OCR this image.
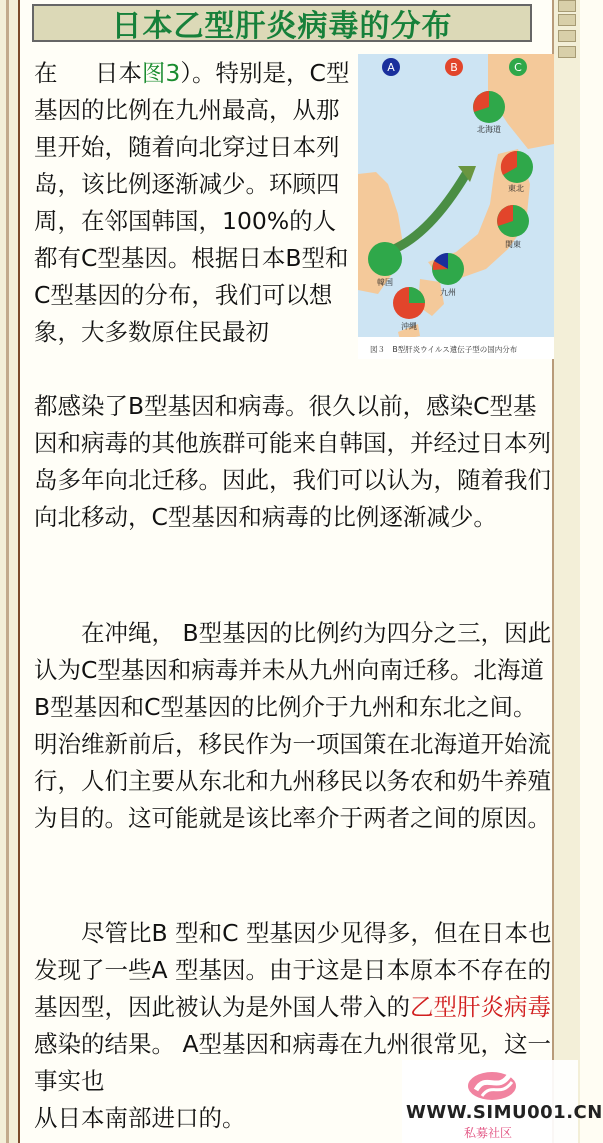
日本乙型肝炎病毒的分布

在     日本图3）。特别是，C型基因的比例在九州最高，从那里开始，随着向北穿过日本列岛，该比例逐渐减少。环顾四周，在邻国韩国，100%的人都有C型基因。根据日本B型和C型基因的分布，我们可以想象，大多数原住民最初

A	B	C
北海道
東北
関東
韓国
九州
沖縄
図３　B型肝炎ウイルス遺伝子型の国内分布

都感染了B型基因和病毒。很久以前，感染C型基因和病毒的其他族群可能来自韩国，并经过日本列岛多年向北迁移。因此，我们可以认为，随着我们向北移动，C型基因和病毒的比例逐渐减少。

在冲绳， B型基因的比例约为四分之三，因此认为C型基因和病毒并未从九州向南迁移。北海道B型基因和C型基因的比例介于九州和东北之间。明治维新前后，移民作为一项国策在北海道开始流行，人们主要从东北和九州移民以务农和奶牛养殖为目的。这可能就是该比率介于两者之间的原因。

尽管比B 型和C 型基因少见得多，但在日本也发现了一些A 型基因。由于这是日本原本不存在的基因型，因此被认为是外国人带入的乙型肝炎病毒感染的结果。 A型基因和病毒在九州很常见，这一事实也
从日本南部进口的。	WWW.SIMU001.CN
私募社区
